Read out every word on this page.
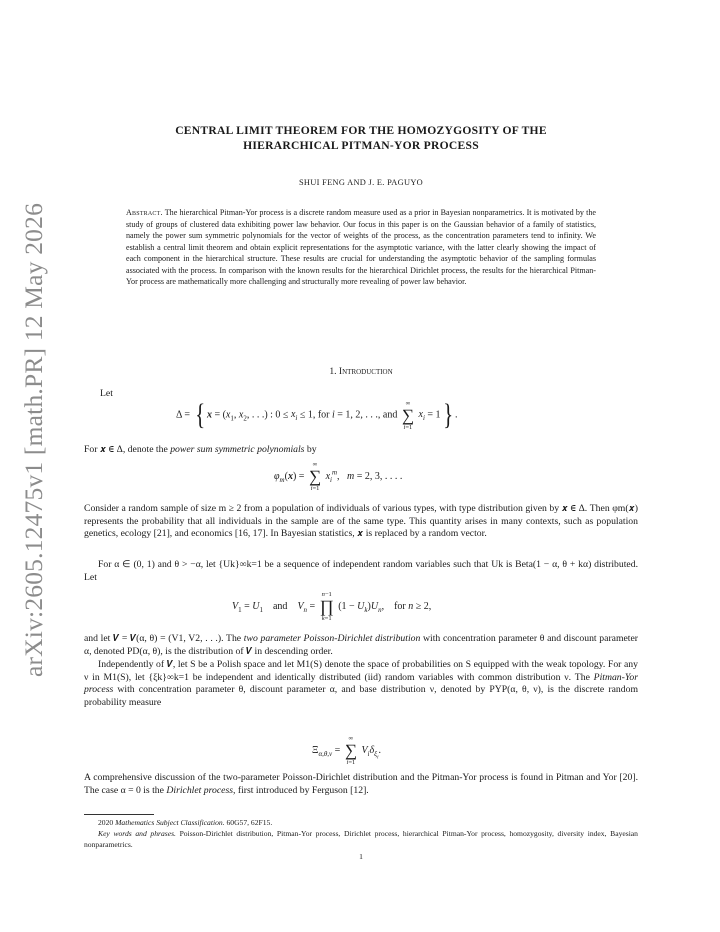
arXiv:2605.12475v1 [math.PR] 12 May 2026
CENTRAL LIMIT THEOREM FOR THE HOMOZYGOSITY OF THE
HIERARCHICAL PITMAN-YOR PROCESS
SHUI FENG AND J. E. PAGUYO
Abstract. The hierarchical Pitman-Yor process is a discrete random measure used as a prior in Bayesian nonparametrics. It is motivated by the study of groups of clustered data exhibiting power law behavior. Our focus in this paper is on the Gaussian behavior of a family of statistics, namely the power sum symmetric polynomials for the vector of weights of the process, as the concentration parameters tend to infinity. We establish a central limit theorem and obtain explicit representations for the asymptotic variance, with the latter clearly showing the impact of each component in the hierarchical structure. These results are crucial for understanding the asymptotic behavior of the sampling formulas associated with the process. In comparison with the known results for the hierarchical Dirichlet process, the results for the hierarchical Pitman-Yor process are mathematically more challenging and structurally more revealing of power law behavior.
1. Introduction
Let
Δ = { $x = (x_1$, $x_2$, . . .) : $0 \le x_i \le 1$, for i = 1, 2, . . ., and
∞
∑
i=1
$x_i = 1$} .
For 𝒙 ∈ Δ, denote the power sum symmetric polynomials by
$\varphi_m(x)$ =
∞
∑
i=1
$x_i^m$,   m = 2, 3, . . . .
Consider a random sample of size m ≥ 2 from a population of individuals of various types, with type distribution given by 𝒙 ∈ Δ. Then φm(𝒙) represents the probability that all individuals in the sample are of the same type. This quantity arises in many contexts, such as population genetics, ecology [21], and economics [16, 17]. In Bayesian statistics, 𝒙 is replaced by a random vector.
For α ∈ (0, 1) and θ > −α, let {Uk}∞k=1 be a sequence of independent random variables such that Uk is Beta(1 − α, θ + kα) distributed. Let
$V_1 = U_1$    and    $V_n$ =
n−1
∏
k=1
$(1 - U_k)U_n$,    for n ≥ 2,
and let 𝑽 = 𝑽(α, θ) = (V1, V2, . . .). The two parameter Poisson-Dirichlet distribution with concentration parameter θ and discount parameter α, denoted PD(α, θ), is the distribution of 𝑽 in descending order.
Independently of 𝑽, let S be a Polish space and let M1(S) denote the space of probabilities on S equipped with the weak topology. For any ν in M1(S), let {ξk}∞k=1 be independent and identically distributed (iid) random variables with common distribution ν. The Pitman-Yor process with concentration parameter θ, discount parameter α, and base distribution ν, denoted by PYP(α, θ, ν), is the discrete random probability measure
$\Xi_{\alpha,\theta,\nu}$ =
∞
∑
i=1
$V_i\delta_{\xi_i}$.
A comprehensive discussion of the two-parameter Poisson-Dirichlet distribution and the Pitman-Yor process is found in Pitman and Yor [20]. The case α = 0 is the Dirichlet process, first introduced by Ferguson [12].
2020 Mathematics Subject Classification. 60G57, 62F15.
Key words and phrases. Poisson-Dirichlet distribution, Pitman-Yor process, Dirichlet process, hierarchical Pitman-Yor process, homozygosity, diversity index, Bayesian nonparametrics.
1
